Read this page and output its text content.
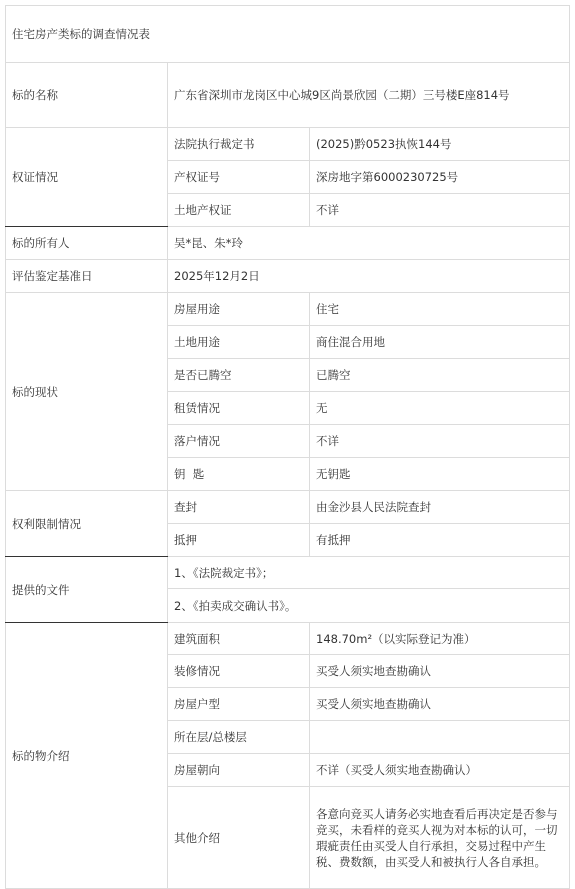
住宅房产类标的调查情况表		
标的名称	广东省深圳市龙岗区中心城9区尚景欣园（二期）三号楼E座814号	
权证情况	法院执行裁定书	(2025)黔0523执恢144号
	产权证号	深房地字第6000230725号
	土地产权证	不详
标的所有人	吴*昆、朱*玲	
评估鉴定基准日	2025年12月2日	
标的现状	房屋用途	住宅
	土地用途	商住混合用地
	是否已腾空	已腾空
	租赁情况	无
	落户情况	不详
	钥  匙	无钥匙
权利限制情况	查封	由金沙县人民法院查封
	抵押	有抵押
提供的文件	1、《法院裁定书》；	
	2、《拍卖成交确认书》。	
标的物介绍	建筑面积	148.70m²（以实际登记为准）
	装修情况	买受人须实地查勘确认
	房屋户型	买受人须实地查勘确认
	所在层/总楼层	
	房屋朝向	不详（买受人须实地查勘确认）
	其他介绍	各意向竞买人请务必实地查看后再决定是否参与竞买，未看样的竞买人视为对本标的认可，一切瑕疵责任由买受人自行承担，交易过程中产生税、费数额，由买受人和被执行人各自承担。
